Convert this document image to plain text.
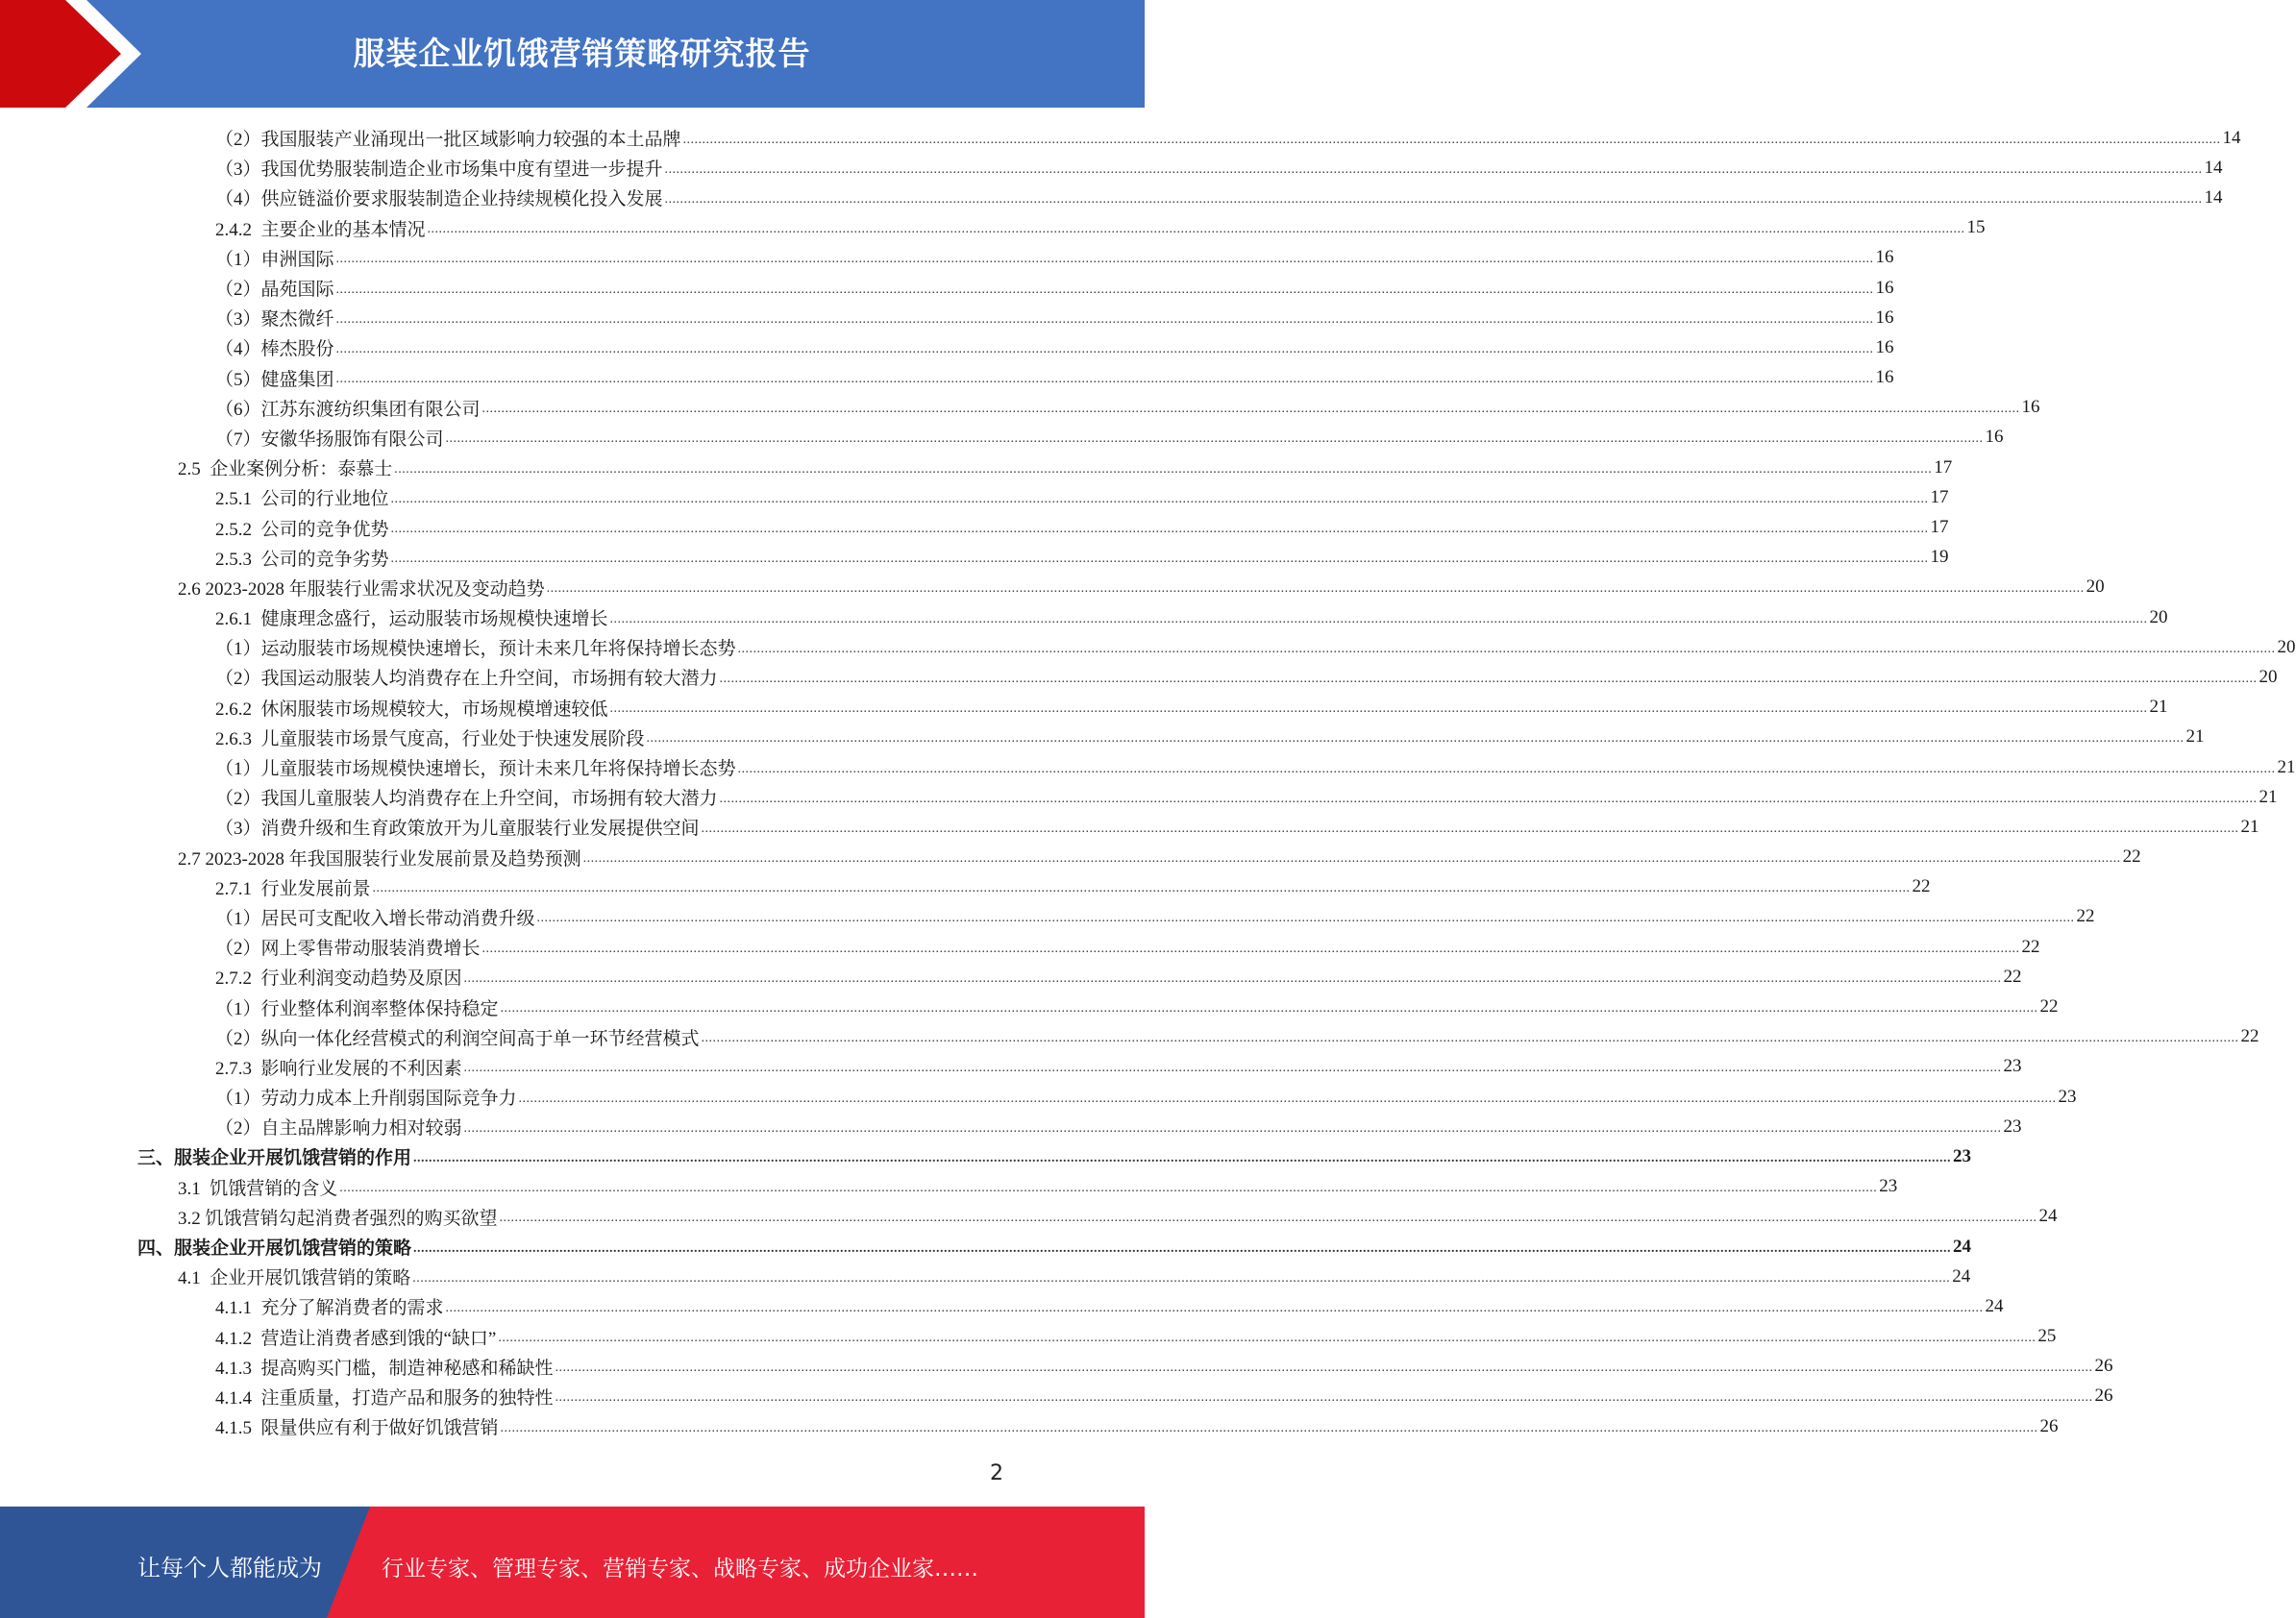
服装企业饥饿营销策略研究报告
（2）我国服装产业涌现出一批区域影响力较强的本土品牌 ................................................................................................................................................................................................................................................................................................................................................................................................................ 14
（3）我国优势服装制造企业市场集中度有望进一步提升 ................................................................................................................................................................................................................................................................................................................................................................................................................ 14
（4）供应链溢价要求服装制造企业持续规模化投入发展 ................................................................................................................................................................................................................................................................................................................................................................................................................ 14
2.4.2  主要企业的基本情况 ................................................................................................................................................................................................................................................................................................................................................................................................................ 15
（1）申洲国际 ................................................................................................................................................................................................................................................................................................................................................................................................................ 16
（2）晶苑国际 ................................................................................................................................................................................................................................................................................................................................................................................................................ 16
（3）聚杰微纤 ................................................................................................................................................................................................................................................................................................................................................................................................................ 16
（4）棒杰股份 ................................................................................................................................................................................................................................................................................................................................................................................................................ 16
（5）健盛集团 ................................................................................................................................................................................................................................................................................................................................................................................................................ 16
（6）江苏东渡纺织集团有限公司 ................................................................................................................................................................................................................................................................................................................................................................................................................ 16
（7）安徽华扬服饰有限公司 ................................................................................................................................................................................................................................................................................................................................................................................................................ 16
2.5  企业案例分析：泰慕士 ................................................................................................................................................................................................................................................................................................................................................................................................................ 17
2.5.1  公司的行业地位 ................................................................................................................................................................................................................................................................................................................................................................................................................ 17
2.5.2  公司的竞争优势 ................................................................................................................................................................................................................................................................................................................................................................................................................ 17
2.5.3  公司的竞争劣势 ................................................................................................................................................................................................................................................................................................................................................................................................................ 19
2.6 2023-2028 年服装行业需求状况及变动趋势 ................................................................................................................................................................................................................................................................................................................................................................................................................ 20
2.6.1  健康理念盛行，运动服装市场规模快速增长 ................................................................................................................................................................................................................................................................................................................................................................................................................ 20
（1）运动服装市场规模快速增长，预计未来几年将保持增长态势 ................................................................................................................................................................................................................................................................................................................................................................................................................ 20
（2）我国运动服装人均消费存在上升空间，市场拥有较大潜力 ................................................................................................................................................................................................................................................................................................................................................................................................................ 20
2.6.2  休闲服装市场规模较大，市场规模增速较低 ................................................................................................................................................................................................................................................................................................................................................................................................................ 21
2.6.3  儿童服装市场景气度高，行业处于快速发展阶段 ................................................................................................................................................................................................................................................................................................................................................................................................................ 21
（1）儿童服装市场规模快速增长，预计未来几年将保持增长态势 ................................................................................................................................................................................................................................................................................................................................................................................................................ 21
（2）我国儿童服装人均消费存在上升空间，市场拥有较大潜力 ................................................................................................................................................................................................................................................................................................................................................................................................................ 21
（3）消费升级和生育政策放开为儿童服装行业发展提供空间 ................................................................................................................................................................................................................................................................................................................................................................................................................ 21
2.7 2023-2028 年我国服装行业发展前景及趋势预测 ................................................................................................................................................................................................................................................................................................................................................................................................................ 22
2.7.1  行业发展前景 ................................................................................................................................................................................................................................................................................................................................................................................................................ 22
（1）居民可支配收入增长带动消费升级 ................................................................................................................................................................................................................................................................................................................................................................................................................ 22
（2）网上零售带动服装消费增长 ................................................................................................................................................................................................................................................................................................................................................................................................................ 22
2.7.2  行业利润变动趋势及原因 ................................................................................................................................................................................................................................................................................................................................................................................................................ 22
（1）行业整体利润率整体保持稳定 ................................................................................................................................................................................................................................................................................................................................................................................................................ 22
（2）纵向一体化经营模式的利润空间高于单一环节经营模式 ................................................................................................................................................................................................................................................................................................................................................................................................................ 22
2.7.3  影响行业发展的不利因素 ................................................................................................................................................................................................................................................................................................................................................................................................................ 23
（1）劳动力成本上升削弱国际竞争力 ................................................................................................................................................................................................................................................................................................................................................................................................................ 23
（2）自主品牌影响力相对较弱 ................................................................................................................................................................................................................................................................................................................................................................................................................ 23
三、服装企业开展饥饿营销的作用 ................................................................................................................................................................................................................................................................................................................................................................................................................ 23
3.1  饥饿营销的含义 ................................................................................................................................................................................................................................................................................................................................................................................................................ 23
3.2 饥饿营销勾起消费者强烈的购买欲望 ................................................................................................................................................................................................................................................................................................................................................................................................................ 24
四、服装企业开展饥饿营销的策略 ................................................................................................................................................................................................................................................................................................................................................................................................................ 24
4.1  企业开展饥饿营销的策略 ................................................................................................................................................................................................................................................................................................................................................................................................................ 24
4.1.1  充分了解消费者的需求 ................................................................................................................................................................................................................................................................................................................................................................................................................ 24
4.1.2  营造让消费者感到饿的“缺口” ................................................................................................................................................................................................................................................................................................................................................................................................................ 25
4.1.3  提高购买门槛，制造神秘感和稀缺性 ................................................................................................................................................................................................................................................................................................................................................................................................................ 26
4.1.4  注重质量，打造产品和服务的独特性 ................................................................................................................................................................................................................................................................................................................................................................................................................ 26
4.1.5  限量供应有利于做好饥饿营销 ................................................................................................................................................................................................................................................................................................................................................................................................................ 26
2
让每个人都能成为	行业专家、管理专家、营销专家、战略专家、成功企业家……
